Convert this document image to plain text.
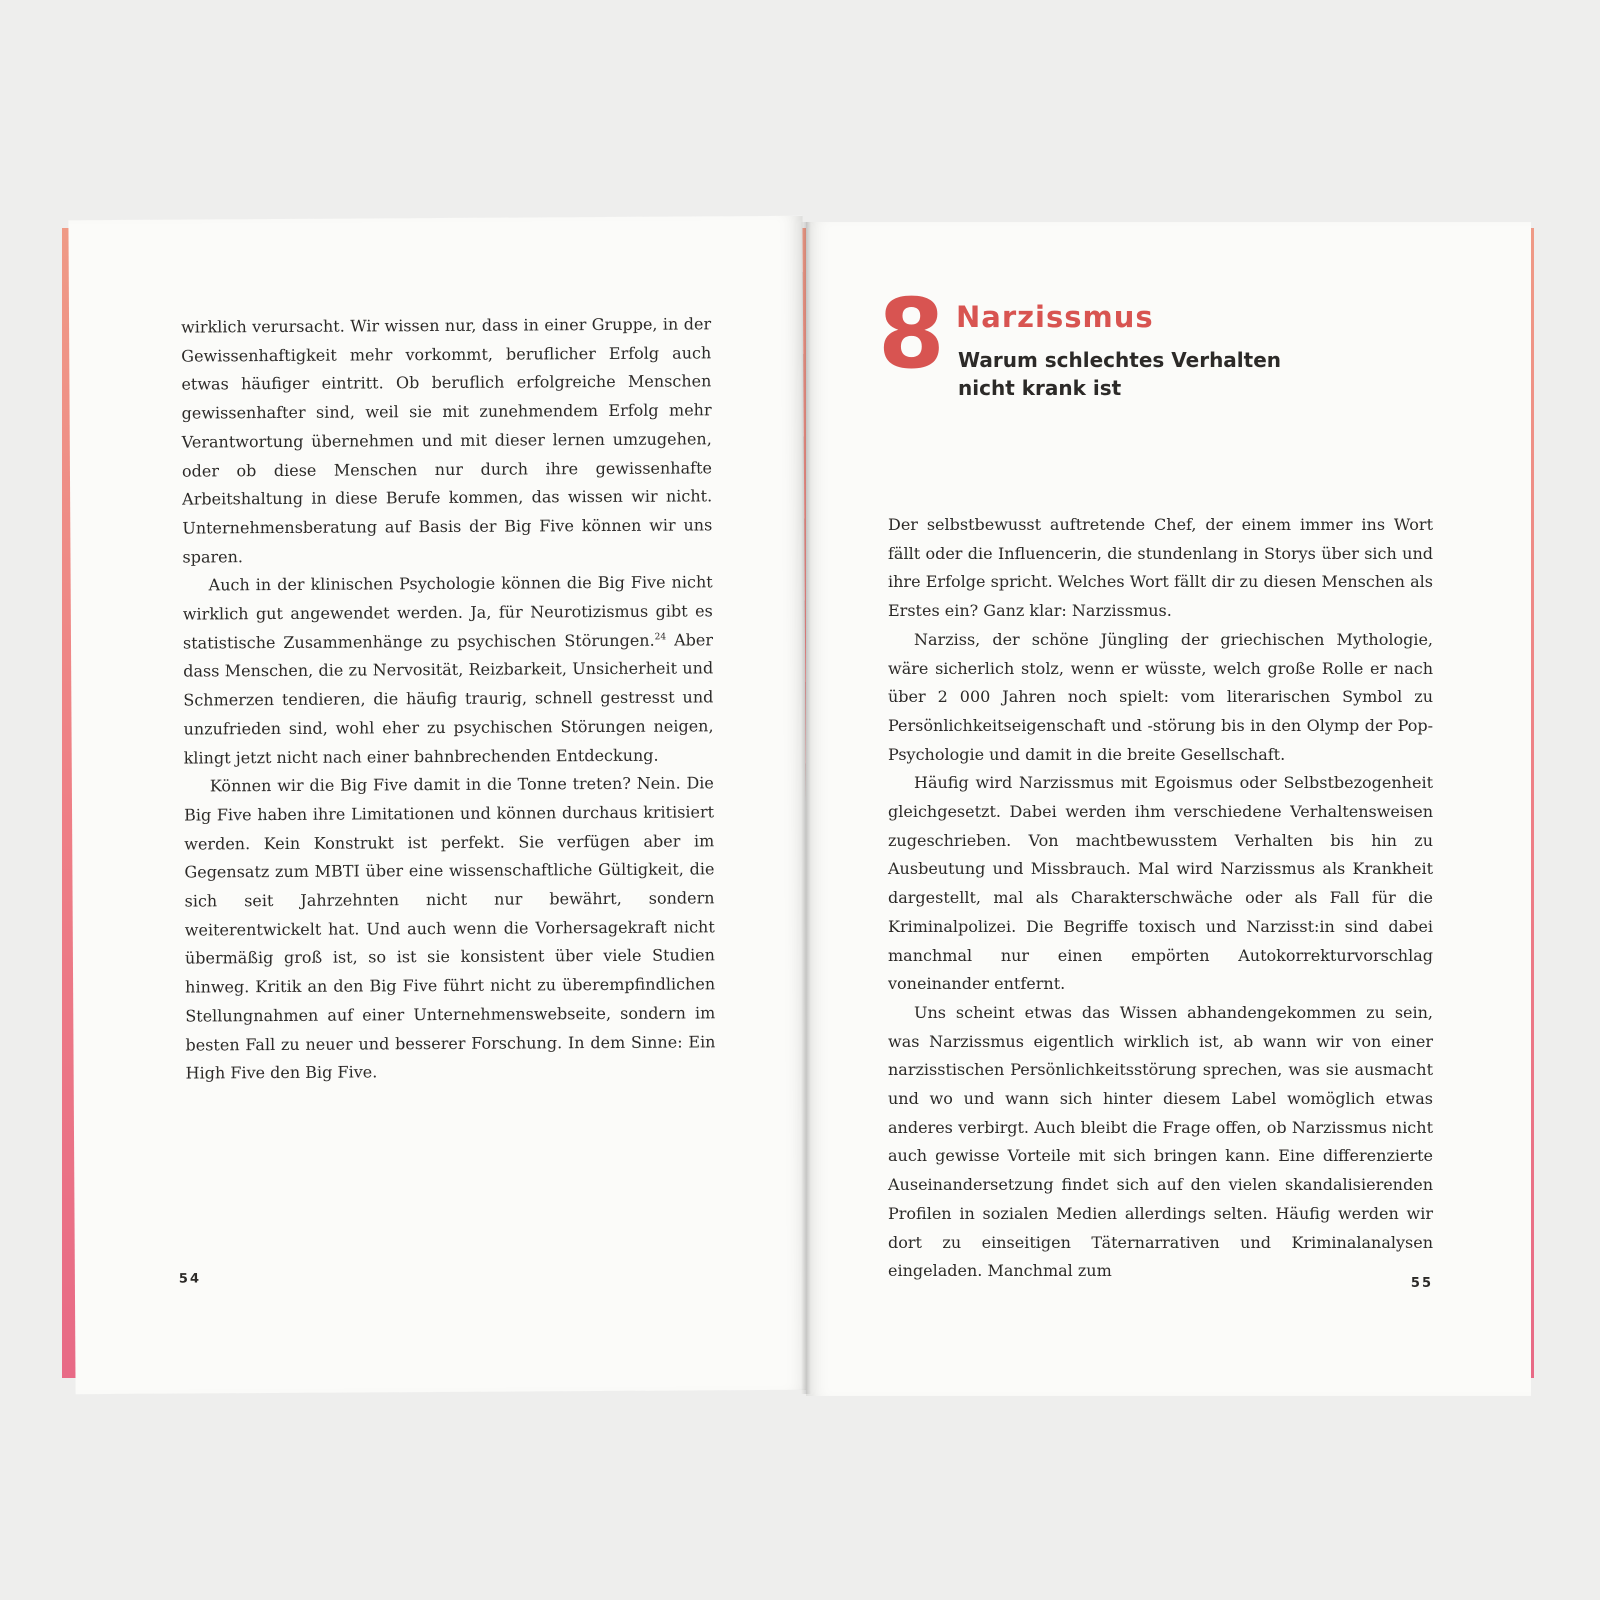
wirklich verursacht. Wir wissen nur, dass in einer Gruppe, in der Gewissenhaftigkeit mehr vorkommt, beruflicher Erfolg auch etwas häufiger eintritt. Ob beruflich erfolgreiche Menschen gewissenhafter sind, weil sie mit zunehmendem Erfolg mehr Verantwortung übernehmen und mit dieser lernen umzugehen, oder ob diese Menschen nur durch ihre gewissenhafte Arbeitshaltung in diese Berufe kommen, das wissen wir nicht. Unternehmensberatung auf Basis der Big Five können wir uns sparen.

Auch in der klinischen Psychologie können die Big Five nicht wirklich gut angewendet werden. Ja, für Neurotizismus gibt es statistische Zusammenhänge zu psychischen Störungen.$^{24}$ Aber dass Menschen, die zu Nervosität, Reizbarkeit, Unsicherheit und Schmerzen tendieren, die häufig traurig, schnell gestresst und unzufrieden sind, wohl eher zu psychischen Störungen neigen, klingt jetzt nicht nach einer bahnbrechenden Entdeckung.

Können wir die Big Five damit in die Tonne treten? Nein. Die Big Five haben ihre Limitationen und können durchaus kritisiert werden. Kein Konstrukt ist perfekt. Sie verfügen aber im Gegensatz zum MBTI über eine wissenschaftliche Gültigkeit, die sich seit Jahrzehnten nicht nur bewährt, sondern weiterentwickelt hat. Und auch wenn die Vorhersagekraft nicht übermäßig groß ist, so ist sie konsistent über viele Studien hinweg. Kritik an den Big Five führt nicht zu überempfindlichen Stellungnahmen auf einer Unternehmenswebseite, sondern im besten Fall zu neuer und besserer Forschung. In dem Sinne: Ein High Five den Big Five.

54
8 Narzissmus
Warum schlechtes Verhalten nicht krank ist

Der selbstbewusst auftretende Chef, der einem immer ins Wort fällt oder die Influencerin, die stundenlang in Storys über sich und ihre Erfolge spricht. Welches Wort fällt dir zu diesen Menschen als Erstes ein? Ganz klar: Narzissmus.

Narziss, der schöne Jüngling der griechischen Mythologie, wäre sicherlich stolz, wenn er wüsste, welch große Rolle er nach über 2 000 Jahren noch spielt: vom literarischen Symbol zu Persönlichkeitseigenschaft und -störung bis in den Olymp der Pop-Psychologie und damit in die breite Gesellschaft.

Häufig wird Narzissmus mit Egoismus oder Selbstbezogenheit gleichgesetzt. Dabei werden ihm verschiedene Verhaltensweisen zugeschrieben. Von machtbewusstem Verhalten bis hin zu Ausbeutung und Missbrauch. Mal wird Narzissmus als Krankheit dargestellt, mal als Charakterschwäche oder als Fall für die Kriminalpolizei. Die Begriffe toxisch und Narzisst:in sind dabei manchmal nur einen empörten Autokorrekturvorschlag voneinander entfernt.

Uns scheint etwas das Wissen abhandengekommen zu sein, was Narzissmus eigentlich wirklich ist, ab wann wir von einer narzisstischen Persönlichkeitsstörung sprechen, was sie ausmacht und wo und wann sich hinter diesem Label womöglich etwas anderes verbirgt. Auch bleibt die Frage offen, ob Narzissmus nicht auch gewisse Vorteile mit sich bringen kann. Eine differenzierte Auseinandersetzung findet sich auf den vielen skandalisierenden Profilen in sozialen Medien allerdings selten. Häufig werden wir dort zu einseitigen Täternarrativen und Kriminalanalysen eingeladen. Manchmal zum

55
